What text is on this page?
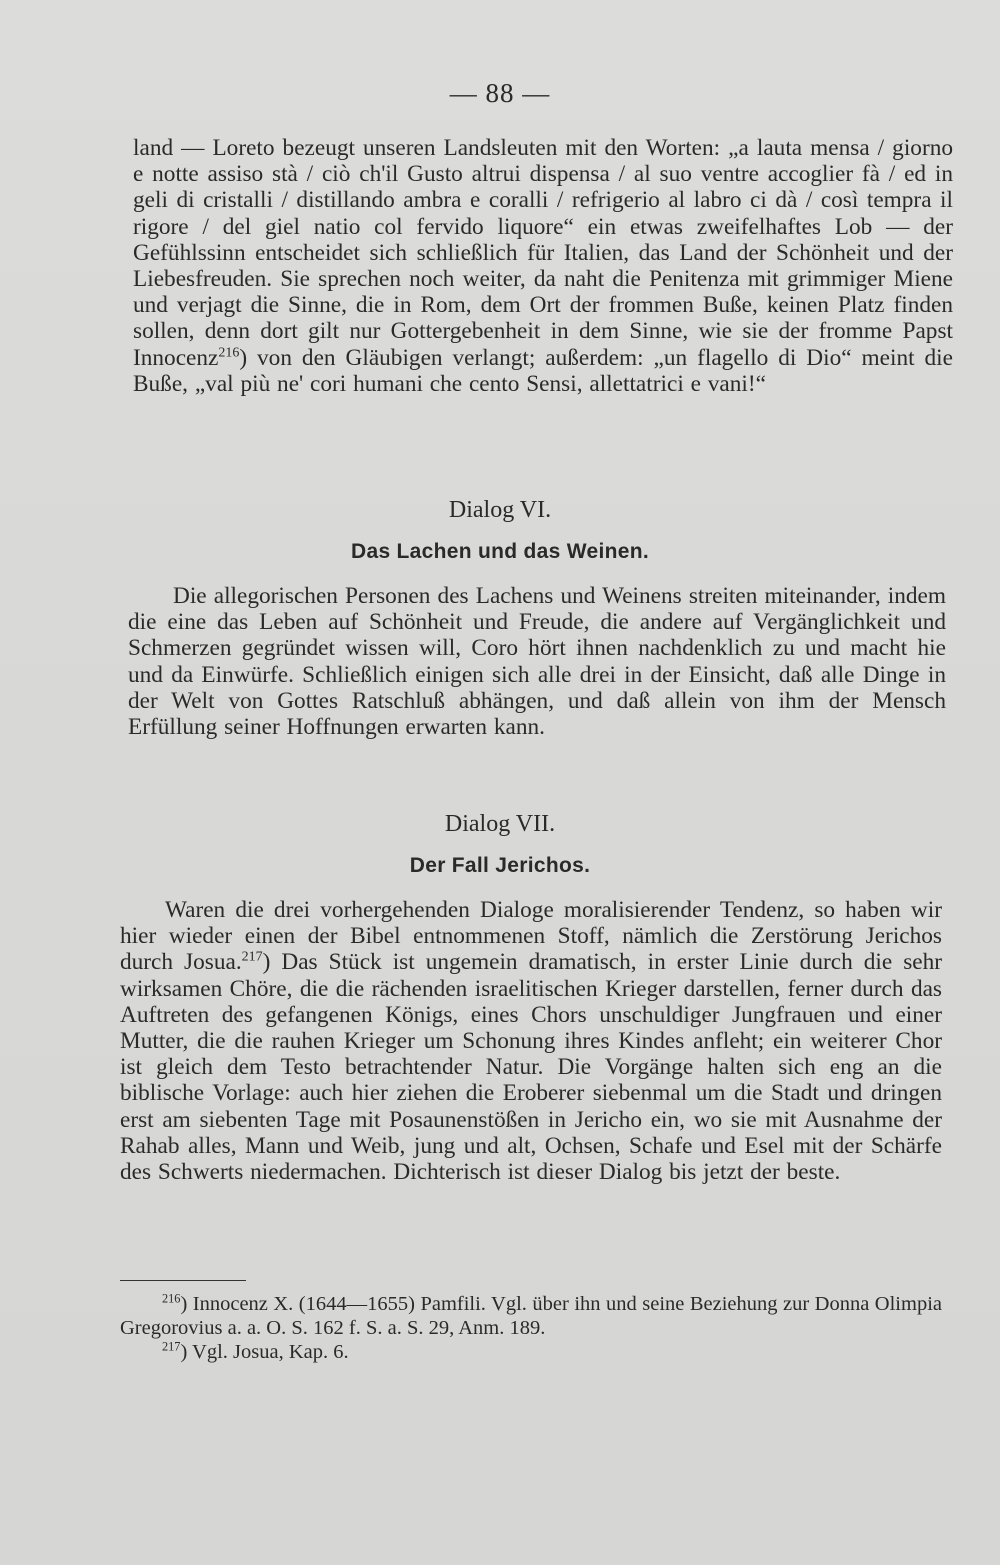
— 88 —

land — Loreto bezeugt unseren Landsleuten mit den Worten: „a lauta mensa / giorno e notte assiso stà / ciò ch'il Gusto altrui dispensa / al suo ventre accoglier fà / ed in geli di cristalli / distillando ambra e coralli / refrigerio al labro ci dà / così tempra il rigore / del giel natio col fervido liquore“ ein etwas zweifelhaftes Lob — der Gefühlssinn entscheidet sich schließlich für Italien, das Land der Schönheit und der Liebesfreuden. Sie sprechen noch weiter, da naht die Penitenza mit grimmiger Miene und verjagt die Sinne, die in Rom, dem Ort der frommen Buße, keinen Platz finden sollen, denn dort gilt nur Gottergebenheit in dem Sinne, wie sie der fromme Papst Innocenz$^{216}$) von den Gläubigen verlangt; außerdem: „un flagello di Dio“ meint die Buße, „val più ne' cori humani che cento Sensi, allettatrici e vani!“

Dialog VI.
Das Lachen und das Weinen.

Die allegorischen Personen des Lachens und Weinens streiten miteinander, indem die eine das Leben auf Schönheit und Freude, die andere auf Vergänglichkeit und Schmerzen gegründet wissen will, Coro hört ihnen nachdenklich zu und macht hie und da Einwürfe. Schließlich einigen sich alle drei in der Einsicht, daß alle Dinge in der Welt von Gottes Ratschluß abhängen, und daß allein von ihm der Mensch Erfüllung seiner Hoffnungen erwarten kann.

Dialog VII.
Der Fall Jerichos.

Waren die drei vorhergehenden Dialoge moralisierender Tendenz, so haben wir hier wieder einen der Bibel entnommenen Stoff, nämlich die Zerstörung Jerichos durch Josua.$^{217}$) Das Stück ist ungemein dramatisch, in erster Linie durch die sehr wirksamen Chöre, die die rächenden israelitischen Krieger darstellen, ferner durch das Auftreten des gefangenen Königs, eines Chors unschuldiger Jungfrauen und einer Mutter, die die rauhen Krieger um Schonung ihres Kindes anfleht; ein weiterer Chor ist gleich dem Testo betrachtender Natur. Die Vorgänge halten sich eng an die biblische Vorlage: auch hier ziehen die Eroberer siebenmal um die Stadt und dringen erst am siebenten Tage mit Posaunenstößen in Jericho ein, wo sie mit Ausnahme der Rahab alles, Mann und Weib, jung und alt, Ochsen, Schafe und Esel mit der Schärfe des Schwerts niedermachen. Dichterisch ist dieser Dialog bis jetzt der beste.

$^{216}$) Innocenz X. (1644—1655) Pamfili. Vgl. über ihn und seine Beziehung zur Donna Olimpia Gregorovius a. a. O. S. 162 f. S. a. S. 29, Anm. 189.

$^{217}$) Vgl. Josua, Kap. 6.
